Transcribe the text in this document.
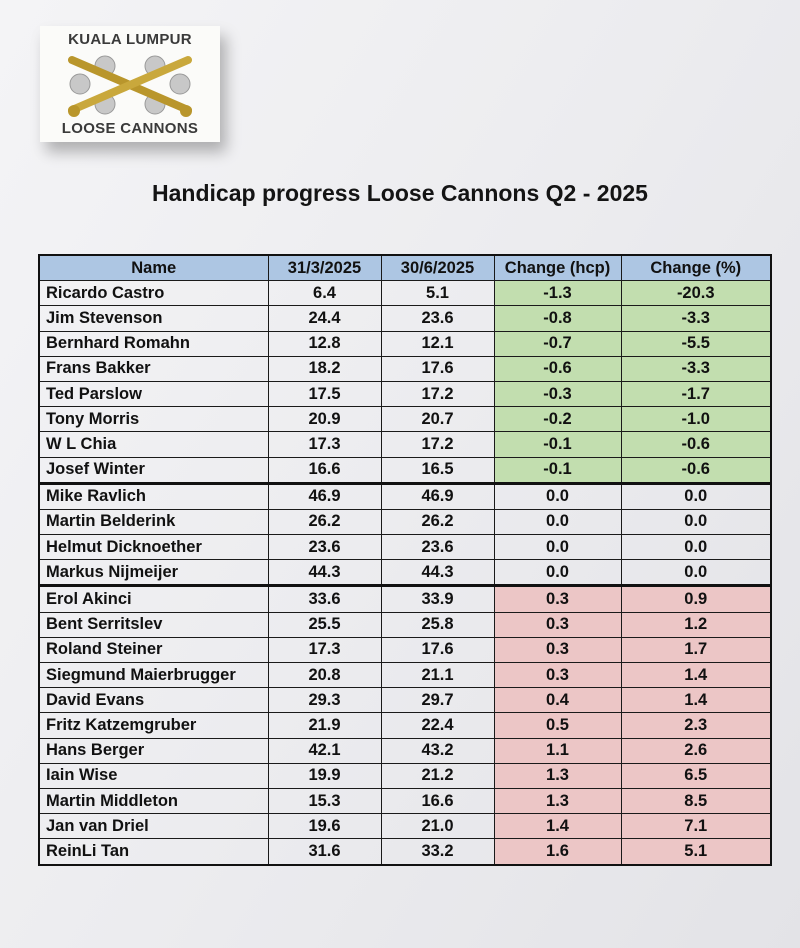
KUALA LUMPUR
LOOSE CANNONS
Handicap progress Loose Cannons Q2 - 2025
Name	31/3/2025	30/6/2025	Change (hcp)	Change (%)
Ricardo Castro	6.4	5.1	-1.3	-20.3
Jim Stevenson	24.4	23.6	-0.8	-3.3
Bernhard Romahn	12.8	12.1	-0.7	-5.5
Frans Bakker	18.2	17.6	-0.6	-3.3
Ted Parslow	17.5	17.2	-0.3	-1.7
Tony Morris	20.9	20.7	-0.2	-1.0
W L Chia	17.3	17.2	-0.1	-0.6
Josef Winter	16.6	16.5	-0.1	-0.6
Mike Ravlich	46.9	46.9	0.0	0.0
Martin Belderink	26.2	26.2	0.0	0.0
Helmut Dicknoether	23.6	23.6	0.0	0.0
Markus Nijmeijer	44.3	44.3	0.0	0.0
Erol Akinci	33.6	33.9	0.3	0.9
Bent Serritslev	25.5	25.8	0.3	1.2
Roland Steiner	17.3	17.6	0.3	1.7
Siegmund Maierbrugger	20.8	21.1	0.3	1.4
David Evans	29.3	29.7	0.4	1.4
Fritz Katzemgruber	21.9	22.4	0.5	2.3
Hans Berger	42.1	43.2	1.1	2.6
Iain Wise	19.9	21.2	1.3	6.5
Martin Middleton	15.3	16.6	1.3	8.5
Jan van Driel	19.6	21.0	1.4	7.1
ReinLi Tan	31.6	33.2	1.6	5.1
